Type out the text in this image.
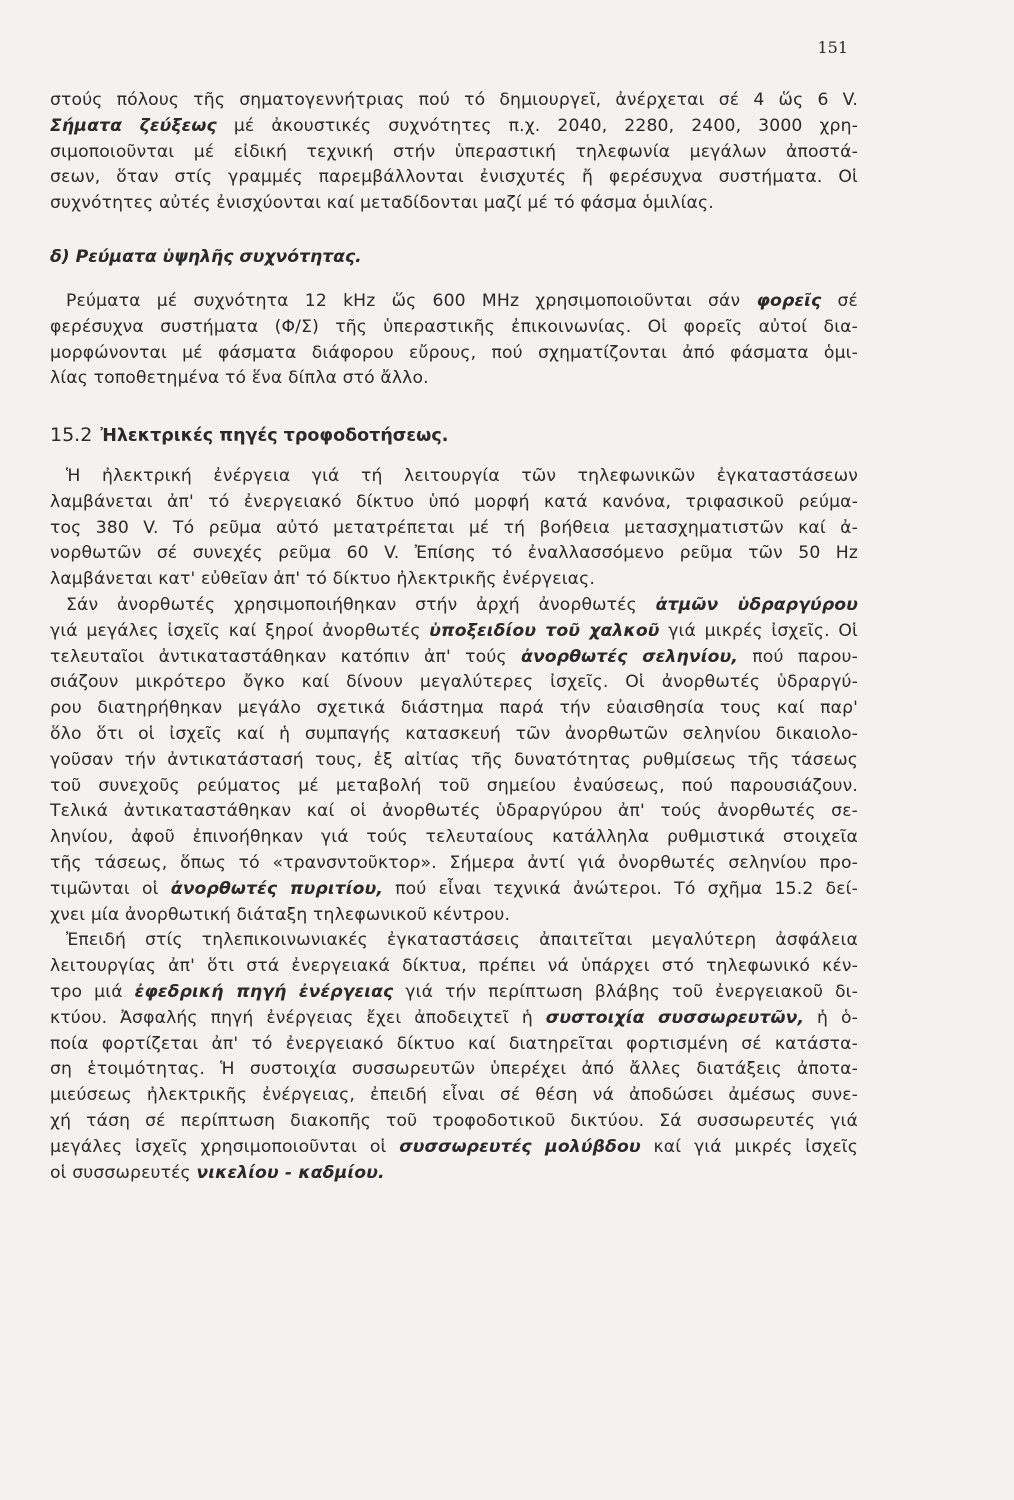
151
στούς πόλους τῆς σηματογεννήτριας πού τό δημιουργεῖ, ἀνέρχεται σέ 4 ὥς 6 V.
Σήματα ζεύξεως μέ ἀκουστικές συχνότητες π.χ. 2040, 2280, 2400, 3000 χρη-
σιμοποιοῦνται μέ εἰδική τεχνική στήν ὑπεραστική τηλεφωνία μεγάλων ἀποστά-
σεων, ὅταν στίς γραμμές παρεμβάλλονται ἐνισχυτές ἤ φερέσυχνα συστήματα. Οἱ
συχνότητες αὐτές ἐνισχύονται καί μεταδίδονται μαζί μέ τό φάσμα ὁμιλίας.
δ) Ρεύματα ὑψηλῆς συχνότητας.
Ρεύματα μέ συχνότητα 12 kHz ὥς 600 MHz χρησιμοποιοῦνται σάν φορεῖς σέ
φερέσυχνα συστήματα (Φ/Σ) τῆς ὑπεραστικῆς ἐπικοινωνίας. Οἱ φορεῖς αὐτοί δια-
μορφώνονται μέ φάσματα διάφορου εὔρους, πού σχηματίζονται ἀπό φάσματα ὁμι-
λίας τοποθετημένα τό ἕνα δίπλα στό ἄλλο.
15.2 Ἠλεκτρικές πηγές τροφοδοτήσεως.
Ἡ ἠλεκτρική ἐνέργεια γιά τή λειτουργία τῶν τηλεφωνικῶν ἐγκαταστάσεων
λαμβάνεται ἀπ' τό ἐνεργειακό δίκτυο ὑπό μορφή κατά κανόνα, τριφασικοῦ ρεύμα-
τος 380 V. Τό ρεῦμα αὐτό μετατρέπεται μέ τή βοήθεια μετασχηματιστῶν καί ἀ-
νορθωτῶν σέ συνεχές ρεῦμα 60 V. Ἐπίσης τό ἐναλλασσόμενο ρεῦμα τῶν 50 Hz
λαμβάνεται κατ' εὐθεῖαν ἀπ' τό δίκτυο ἠλεκτρικῆς ἐνέργειας.
Σάν ἀνορθωτές χρησιμοποιήθηκαν στήν ἀρχή ἀνορθωτές ἀτμῶν ὑδραργύρου
γιά μεγάλες ἰσχεῖς καί ξηροί ἀνορθωτές ὑποξειδίου τοῦ χαλκοῦ γιά μικρές ἰσχεῖς. Οἱ
τελευταῖοι ἀντικαταστάθηκαν κατόπιν ἀπ' τούς ἀνορθωτές σεληνίου, πού παρου-
σιάζουν μικρότερο ὄγκο καί δίνουν μεγαλύτερες ἰσχεῖς. Οἱ ἀνορθωτές ὑδραργύ-
ρου διατηρήθηκαν μεγάλο σχετικά διάστημα παρά τήν εὐαισθησία τους καί παρ'
ὅλο ὅτι οἱ ἰσχεῖς καί ἡ συμπαγής κατασκευή τῶν ἀνορθωτῶν σεληνίου δικαιολο-
γοῦσαν τήν ἀντικατάστασή τους, ἐξ αἰτίας τῆς δυνατότητας ρυθμίσεως τῆς τάσεως
τοῦ συνεχοῦς ρεύματος μέ μεταβολή τοῦ σημείου ἐναύσεως, πού παρουσιάζουν.
Τελικά ἀντικαταστάθηκαν καί οἱ ἀνορθωτές ὑδραργύρου ἀπ' τούς ἀνορθωτές σε-
ληνίου, ἀφοῦ ἐπινοήθηκαν γιά τούς τελευταίους κατάλληλα ρυθμιστικά στοιχεῖα
τῆς τάσεως, ὅπως τό «τρανσντοῦκτορ». Σήμερα ἀντί γιά ὀνορθωτές σεληνίου προ-
τιμῶνται οἱ ἀνορθωτές πυριτίου, πού εἶναι τεχνικά ἀνώτεροι. Τό σχῆμα 15.2 δεί-
χνει μία ἀνορθωτική διάταξη τηλεφωνικοῦ κέντρου.
Ἐπειδή στίς τηλεπικοινωνιακές ἐγκαταστάσεις ἀπαιτεῖται μεγαλύτερη ἀσφάλεια
λειτουργίας ἀπ' ὅτι στά ἐνεργειακά δίκτυα, πρέπει νά ὑπάρχει στό τηλεφωνικό κέν-
τρο μιά ἐφεδρική πηγή ἐνέργειας γιά τήν περίπτωση βλάβης τοῦ ἐνεργειακοῦ δι-
κτύου. Ἀσφαλής πηγή ἐνέργειας ἔχει ἀποδειχτεῖ ἡ συστοιχία συσσωρευτῶν, ἡ ὁ-
ποία φορτίζεται ἀπ' τό ἐνεργειακό δίκτυο καί διατηρεῖται φορτισμένη σέ κατάστα-
ση ἑτοιμότητας. Ἡ συστοιχία συσσωρευτῶν ὑπερέχει ἀπό ἄλλες διατάξεις ἀποτα-
μιεύσεως ἠλεκτρικῆς ἐνέργειας, ἐπειδή εἶναι σέ θέση νά ἀποδώσει ἀμέσως συνε-
χή τάση σέ περίπτωση διακοπῆς τοῦ τροφοδοτικοῦ δικτύου. Σά συσσωρευτές γιά
μεγάλες ἰσχεῖς χρησιμοποιοῦνται οἱ συσσωρευτές μολύβδου καί γιά μικρές ἰσχεῖς
οἱ συσσωρευτές νικελίου - καδμίου.
